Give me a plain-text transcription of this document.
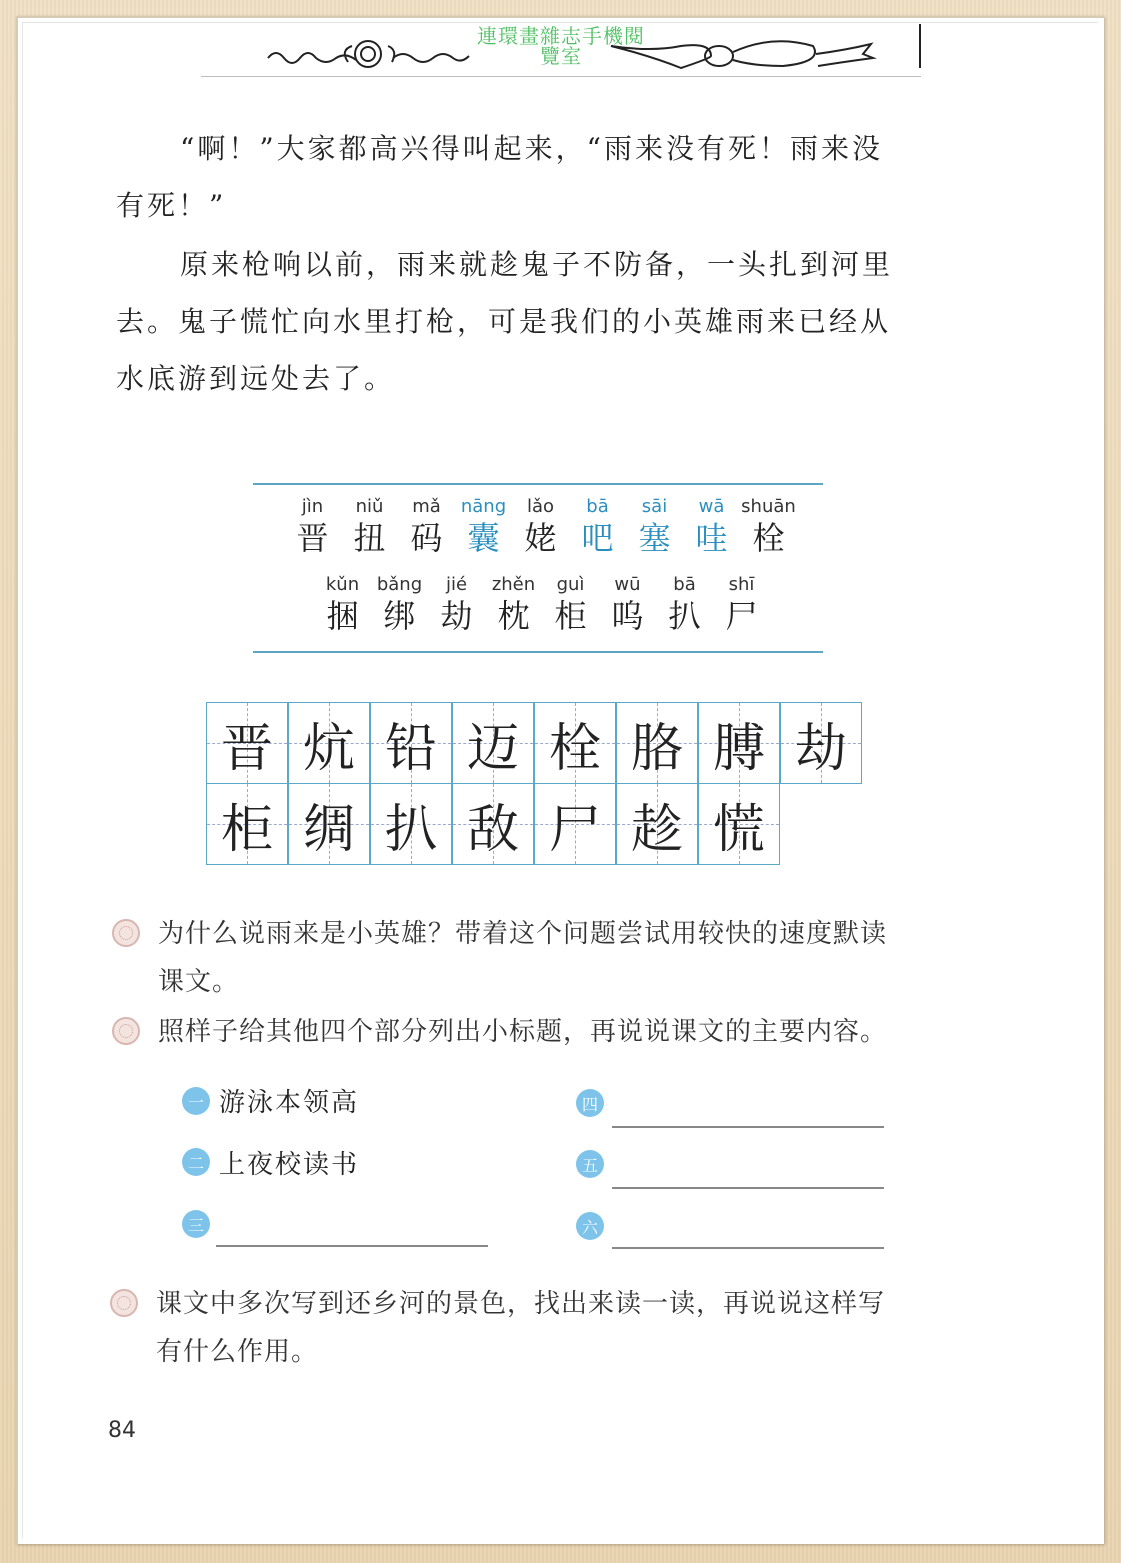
連環畫雜志手機閱
覽室
“啊！”大家都高兴得叫起来，“雨来没有死！雨来没
有死！”
原来枪响以前，雨来就趁鬼子不防备，一头扎到河里
去。鬼子慌忙向水里打枪，可是我们的小英雄雨来已经从
水底游到远处去了。
jìn
晋
niǔ
扭
mǎ
码
nāng
囊
lǎo
姥
bā
吧
sāi
塞
wā
哇
shuān
栓
kǔn
捆
bǎng
绑
jié
劫
zhěn
枕
guì
柜
wū
呜
bā
扒
shī
尸
晋 炕 铅 迈 栓 胳 膊 劫
柜 绸 扒 敌 尸 趁 慌
为什么说雨来是小英雄？带着这个问题尝试用较快的速度默读
课文。
照样子给其他四个部分列出小标题，再说说课文的主要内容。
一 游泳本领高
二 上夜校读书
三
四
五
六
课文中多次写到还乡河的景色，找出来读一读，再说说这样写
有什么作用。
84
